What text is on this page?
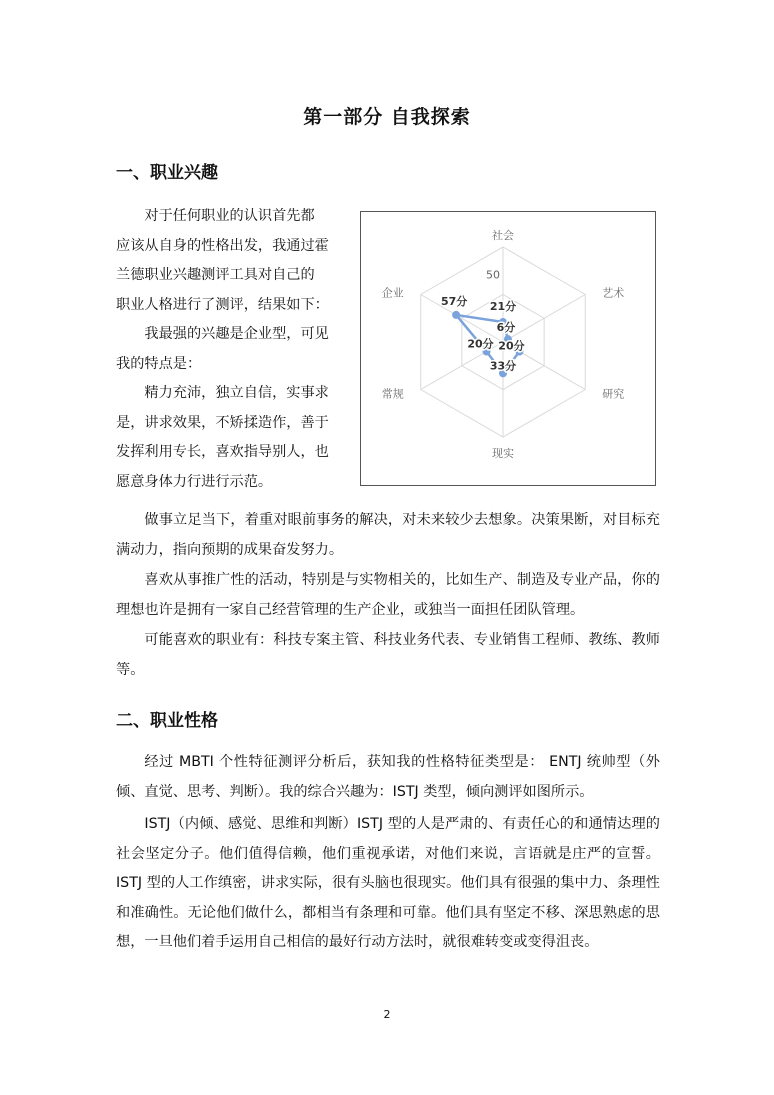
第一部分 自我探索
一、职业兴趣
对于任何职业的认识首先都
应该从自身的性格出发，我通过霍
兰德职业兴趣测评工具对自己的
职业人格进行了测评，结果如下：
我最强的兴趣是企业型，可见
我的特点是：
精力充沛，独立自信，实事求
是，讲求效果，不矫揉造作，善于
发挥利用专长，喜欢指导别人，也
愿意身体力行进行示范。
50
社会
艺术
研究
现实
常规
企业
21分
6分
20分
33分
20分
57分
做事立足当下，着重对眼前事务的解决，对未来较少去想象。决策果断，对目标充满动力，指向预期的成果奋发努力。
喜欢从事推广性的活动，特别是与实物相关的，比如生产、制造及专业产品，你的理想也许是拥有一家自己经营管理的生产企业，或独当一面担任团队管理。
可能喜欢的职业有：科技专案主管、科技业务代表、专业销售工程师、教练、教师等。
二、职业性格
经过 MBTI 个性特征测评分析后，获知我的性格特征类型是： ENTJ 统帅型（外倾、直觉、思考、判断）。我的综合兴趣为：ISTJ 类型，倾向测评如图所示。
ISTJ（内倾、感觉、思维和判断）ISTJ 型的人是严肃的、有责任心的和通情达理的社会坚定分子。他们值得信赖，他们重视承诺，对他们来说，言语就是庄严的宣誓。ISTJ 型的人工作缜密，讲求实际，很有头脑也很现实。他们具有很强的集中力、条理性和准确性。无论他们做什么，都相当有条理和可靠。他们具有坚定不移、深思熟虑的思想，一旦他们着手运用自己相信的最好行动方法时，就很难转变或变得沮丧。
2
